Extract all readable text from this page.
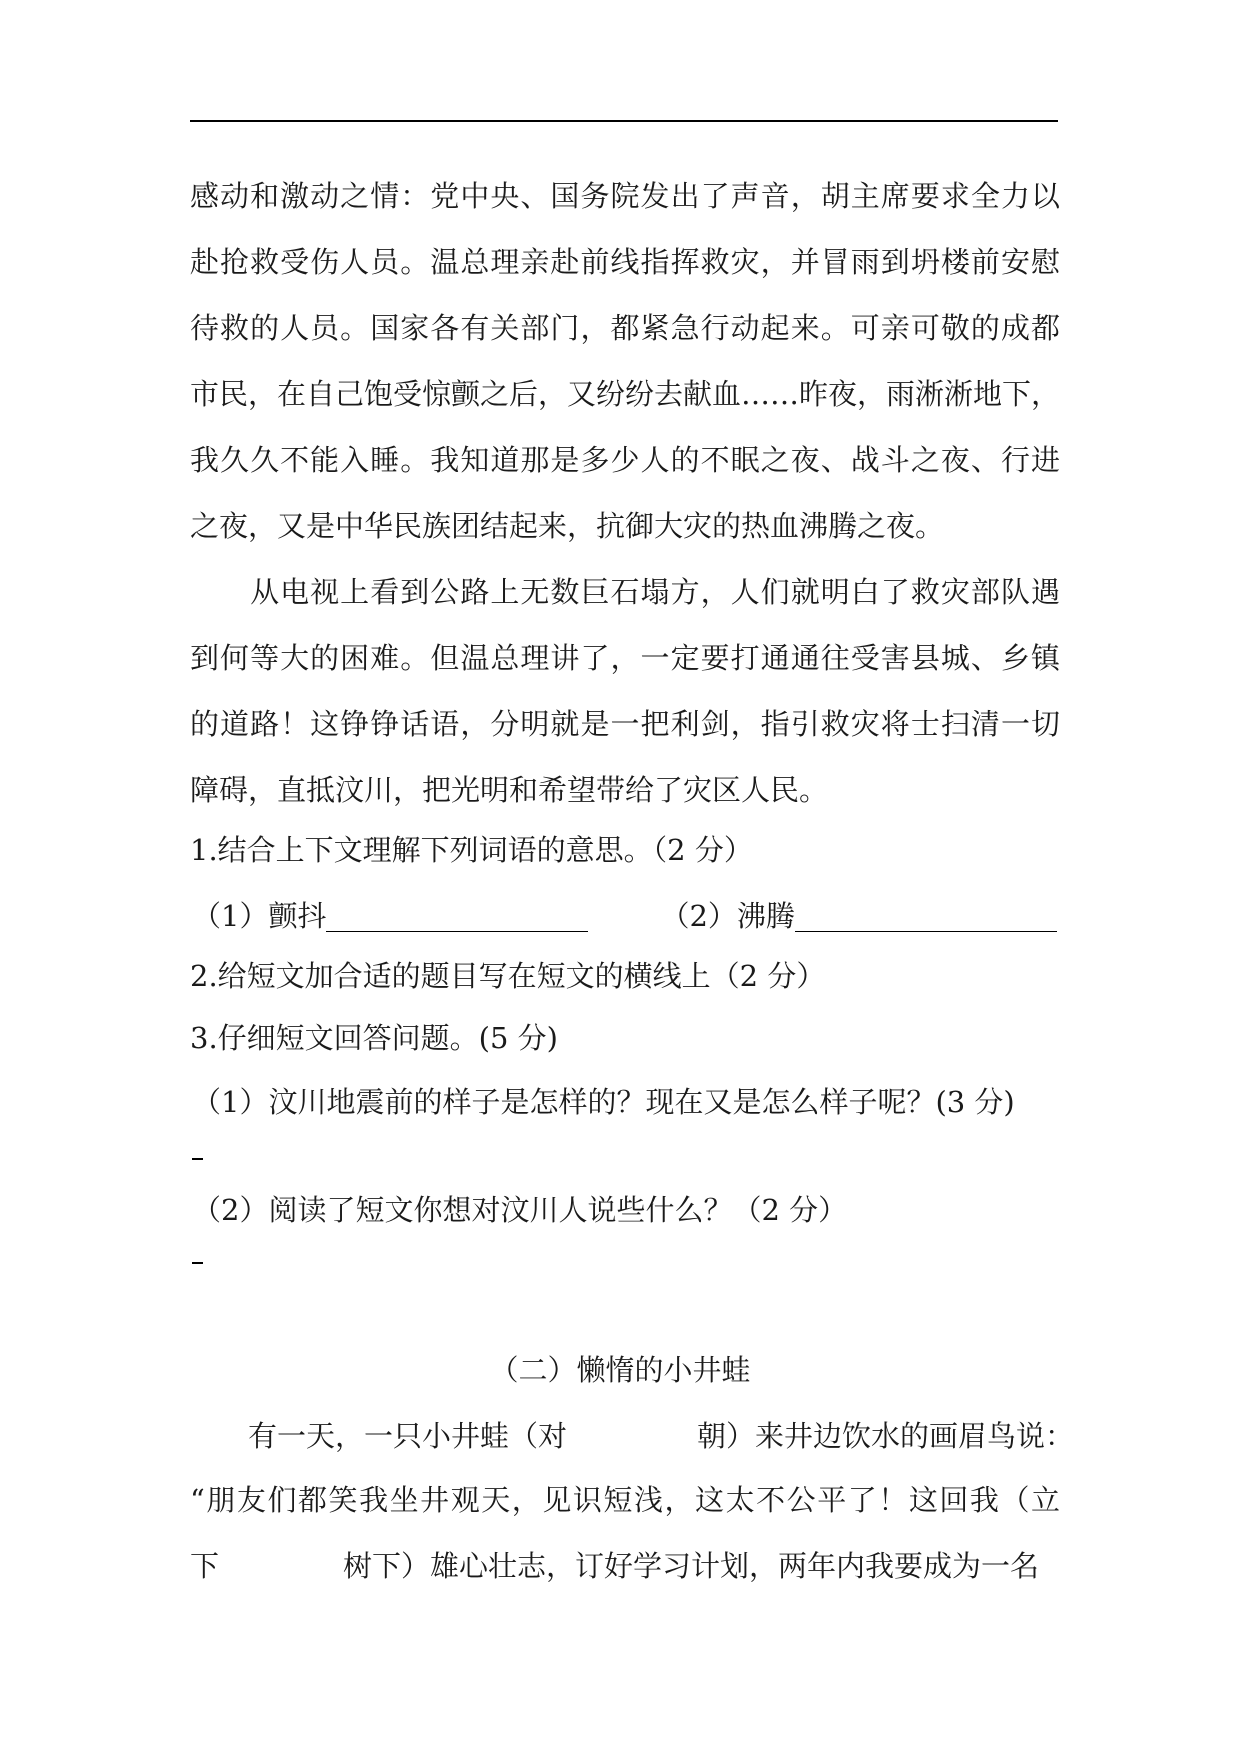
感动和激动之情：党中央、国务院发出了声音，胡主席要求全力以
赴抢救受伤人员。温总理亲赴前线指挥救灾，并冒雨到坍楼前安慰
待救的人员。国家各有关部门，都紧急行动起来。可亲可敬的成都
市民，在自己饱受惊颤之后，又纷纷去献血……昨夜，雨淅淅地下，
我久久不能入睡。我知道那是多少人的不眠之夜、战斗之夜、行进
之夜，又是中华民族团结起来，抗御大灾的热血沸腾之夜。
　　从电视上看到公路上无数巨石塌方，人们就明白了救灾部队遇
到何等大的困难。但温总理讲了，一定要打通通往受害县城、乡镇
的道路！这铮铮话语，分明就是一把利剑，指引救灾将士扫清一切
障碍，直抵汶川，把光明和希望带给了灾区人民。
1.结合上下文理解下列词语的意思。（2 分）
（1）颤抖	（2）沸腾
2.给短文加合适的题目写在短文的横线上（2 分）
3.仔细短文回答问题。(5 分)
（1）汶川地震前的样子是怎样的？现在又是怎么样子呢？(3 分)
（2）阅读了短文你想对汶川人说些什么？（2 分）
（二）懒惰的小井蛙
　　有一天，一只小井蛙（对	朝）来井边饮水的画眉鸟说：
“朋友们都笑我坐井观天，见识短浅，这太不公平了！这回我（立
下	树下）雄心壮志，订好学习计划，两年内我要成为一名
